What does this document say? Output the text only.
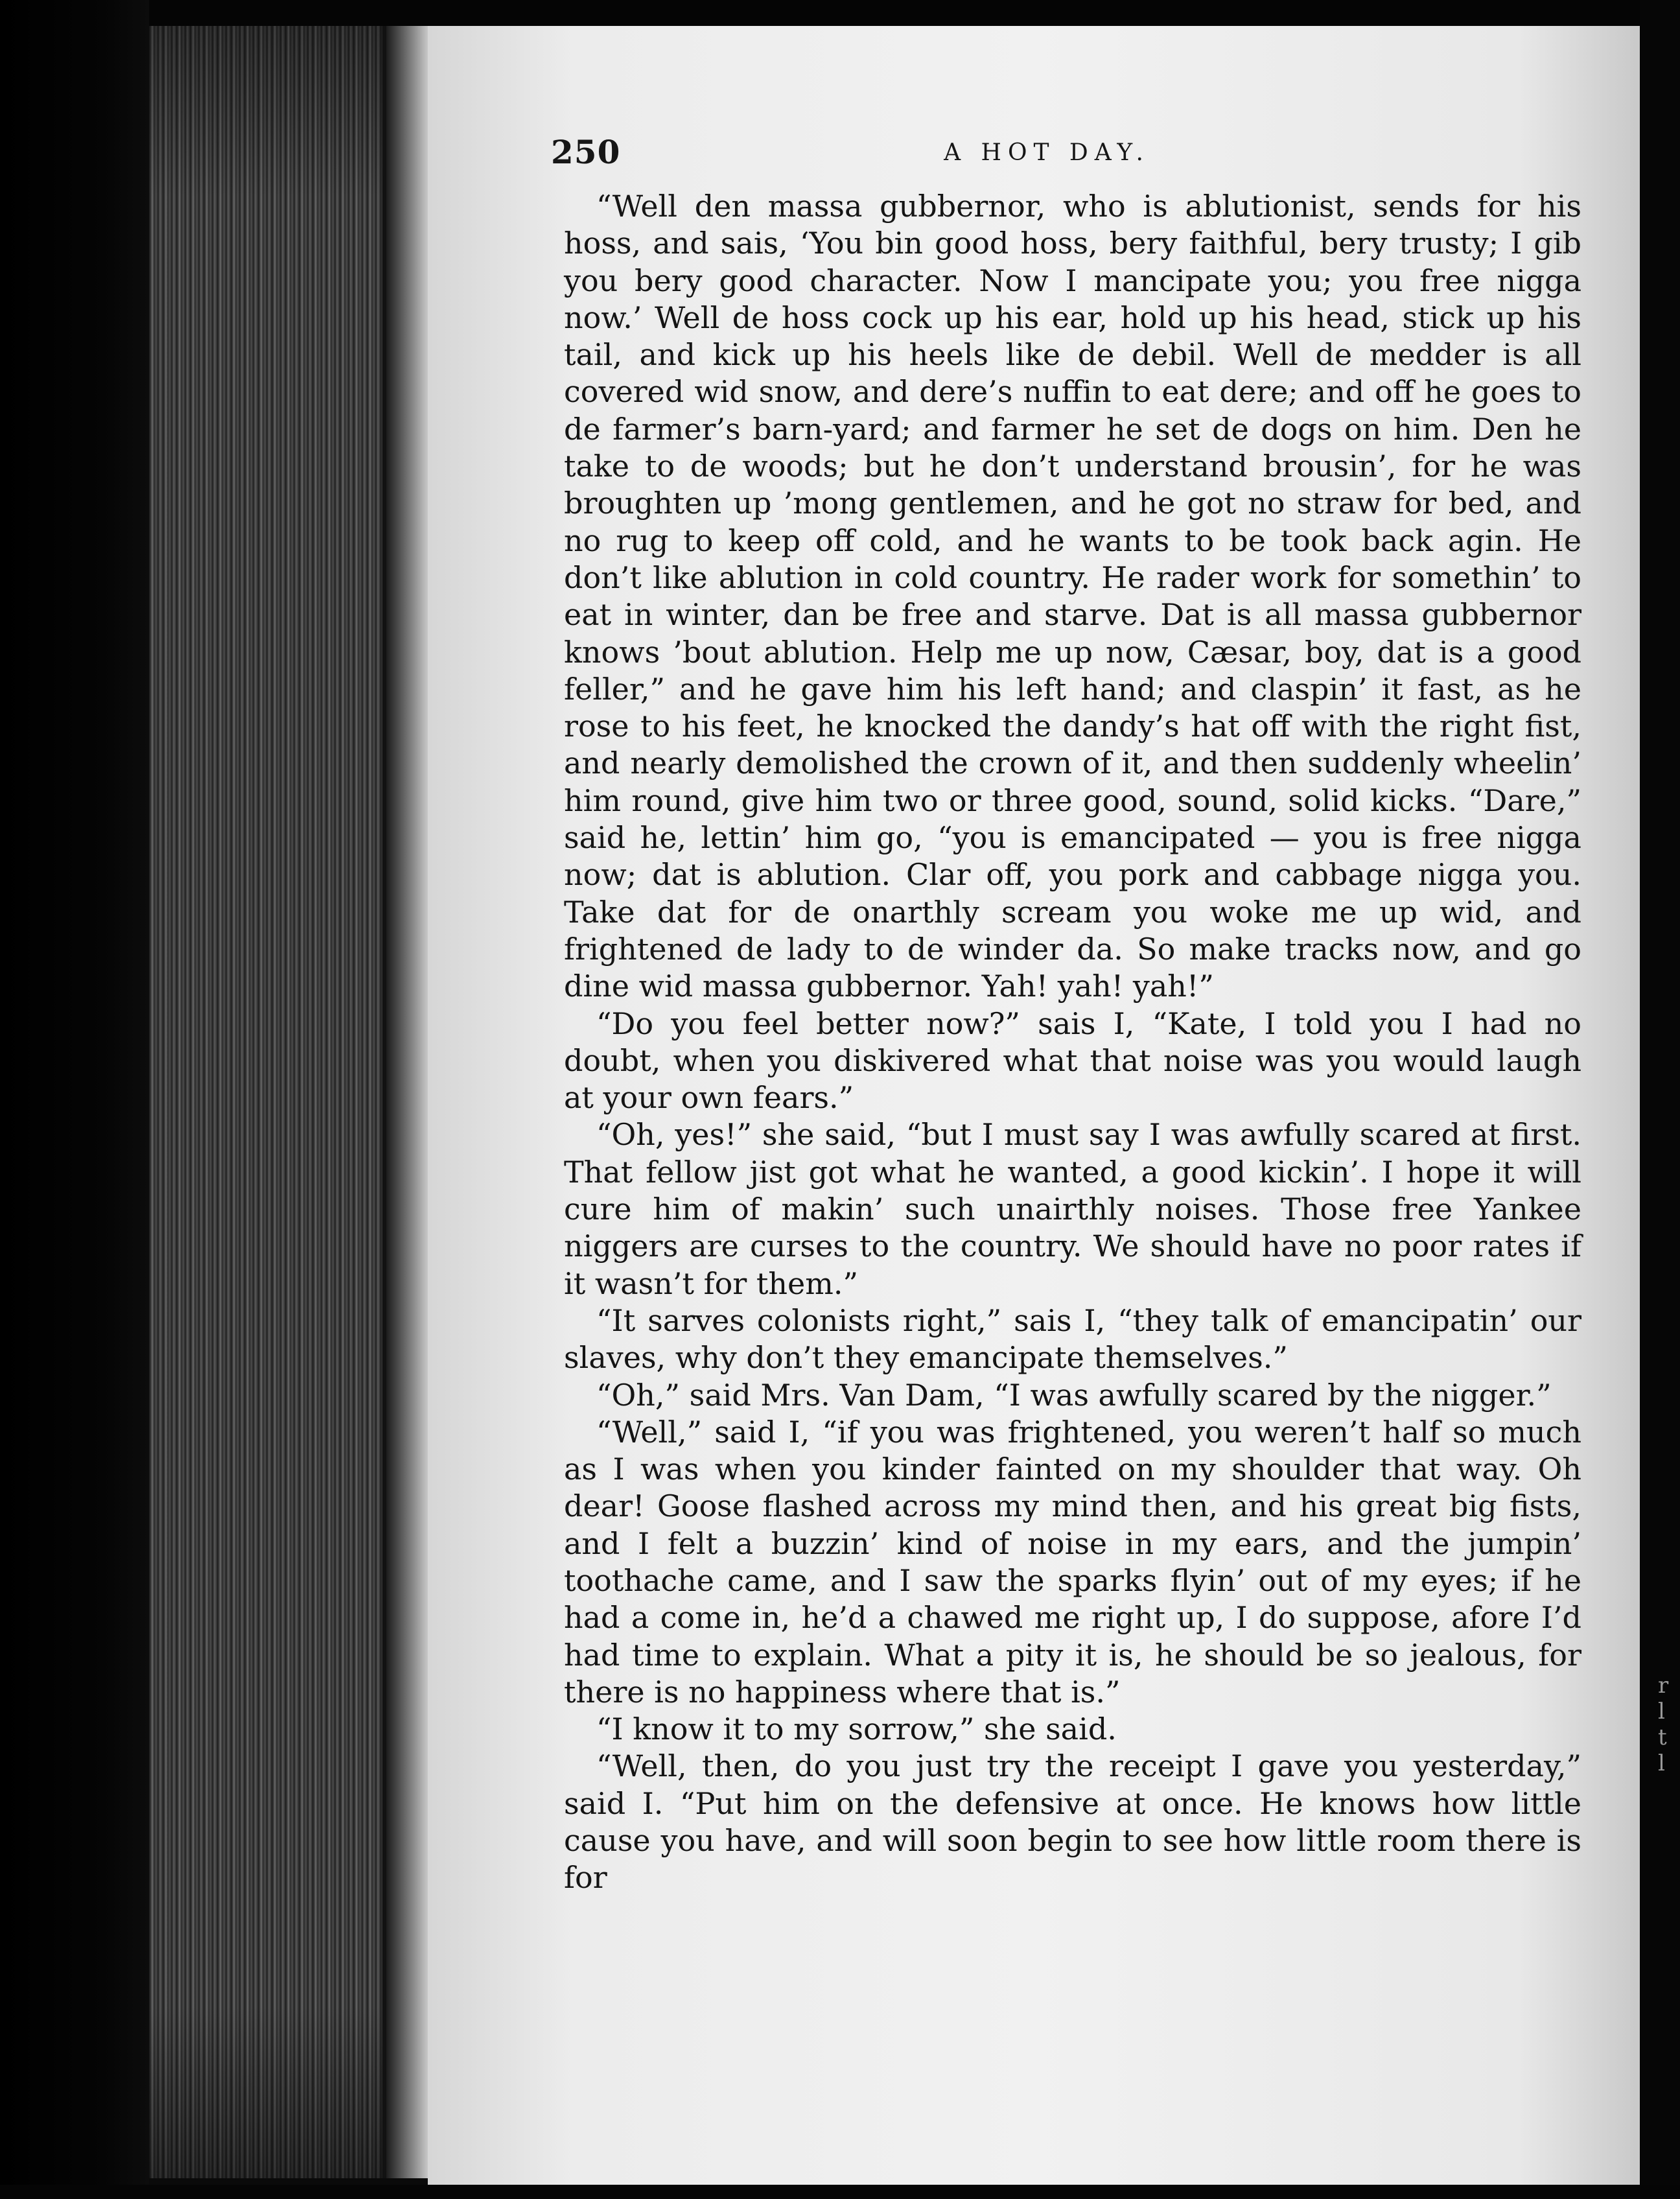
250	A HOT DAY.

“Well den massa gubbernor, who is ablutionist, sends for his hoss, and sais, ‘You bin good hoss, bery faithful, bery trusty; I gib you bery good character. Now I mancipate you; you free nigga now.’ Well de hoss cock up his ear, hold up his head, stick up his tail, and kick up his heels like de debil. Well de medder is all covered wid snow, and dere’s nuffin to eat dere; and off he goes to de farmer’s barn-yard; and farmer he set de dogs on him. Den he take to de woods; but he don’t understand brousin’, for he was broughten up ’mong gentlemen, and he got no straw for bed, and no rug to keep off cold, and he wants to be took back agin. He don’t like ablution in cold country. He rader work for somethin’ to eat in winter, dan be free and starve. Dat is all massa gubbernor knows ’bout ablution. Help me up now, Cæsar, boy, dat is a good feller,” and he gave him his left hand; and claspin’ it fast, as he rose to his feet, he knocked the dandy’s hat off with the right fist, and nearly demolished the crown of it, and then suddenly wheelin’ him round, give him two or three good, sound, solid kicks. “Dare,” said he, lettin’ him go, “you is emancipated — you is free nigga now; dat is ablution. Clar off, you pork and cabbage nigga you. Take dat for de onarthly scream you woke me up wid, and frightened de lady to de winder da. So make tracks now, and go dine wid massa gubbernor. Yah! yah! yah!”

“Do you feel better now?” sais I, “Kate, I told you I had no doubt, when you diskivered what that noise was you would laugh at your own fears.”

“Oh, yes!” she said, “but I must say I was awfully scared at first. That fellow jist got what he wanted, a good kickin’. I hope it will cure him of makin’ such unairthly noises. Those free Yankee niggers are curses to the country. We should have no poor rates if it wasn’t for them.”

“It sarves colonists right,” sais I, “they talk of emancipatin’ our slaves, why don’t they emancipate themselves.”

“Oh,” said Mrs. Van Dam, “I was awfully scared by the nigger.”

“Well,” said I, “if you was frightened, you weren’t half so much as I was when you kinder fainted on my shoulder that way. Oh dear! Goose flashed across my mind then, and his great big fists, and I felt a buzzin’ kind of noise in my ears, and the jumpin’ toothache came, and I saw the sparks flyin’ out of my eyes; if he had a come in, he’d a chawed me right up, I do suppose, afore I’d had time to explain. What a pity it is, he should be so jealous, for there is no happiness where that is.”

“I know it to my sorrow,” she said.

“Well, then, do you just try the receipt I gave you yesterday,” said I. “Put him on the defensive at once. He knows how little cause you have, and will soon begin to see how little room there is for

r
l
t
l
